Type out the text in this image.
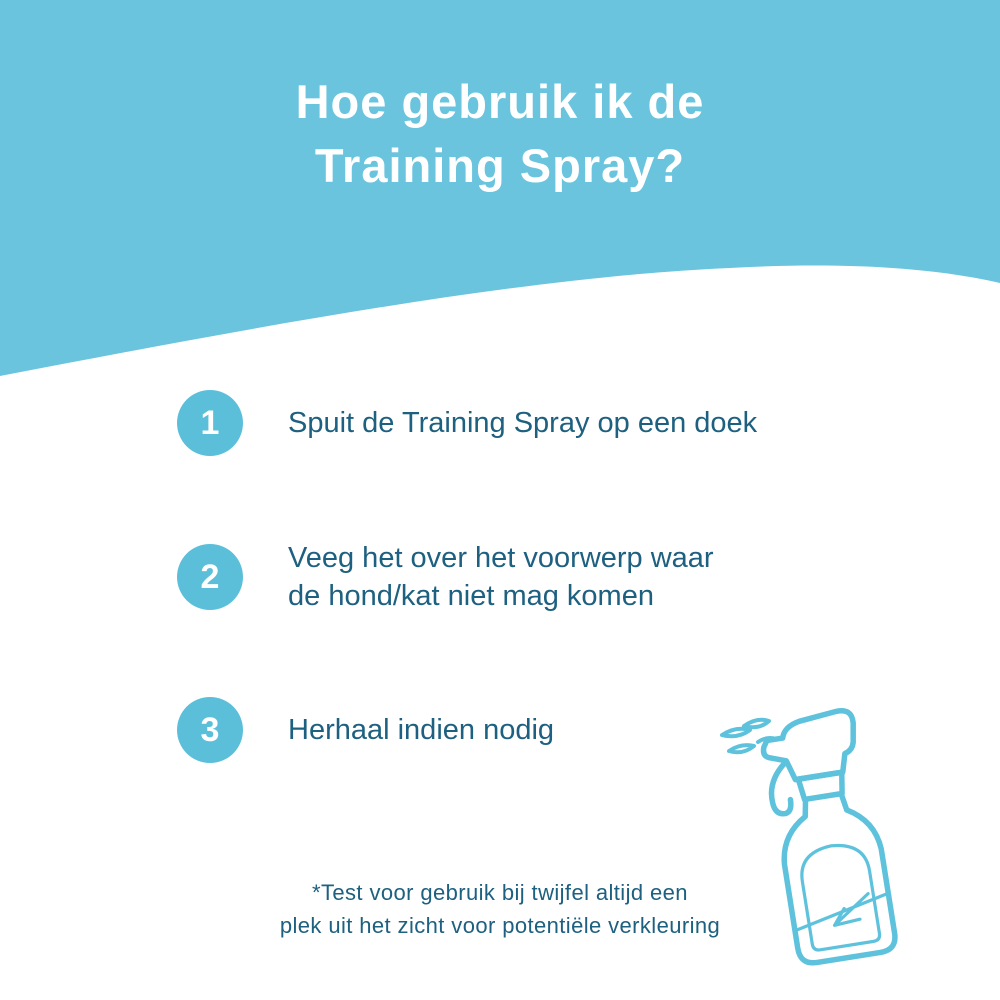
Hoe gebruik ik de
Training Spray?
1 Spuit de Training Spray op een doek
2 Veeg het over het voorwerp waar
de hond/kat niet mag komen
3 Herhaal indien nodig
*Test voor gebruik bij twijfel altijd een
plek uit het zicht voor potentiële verkleuring
